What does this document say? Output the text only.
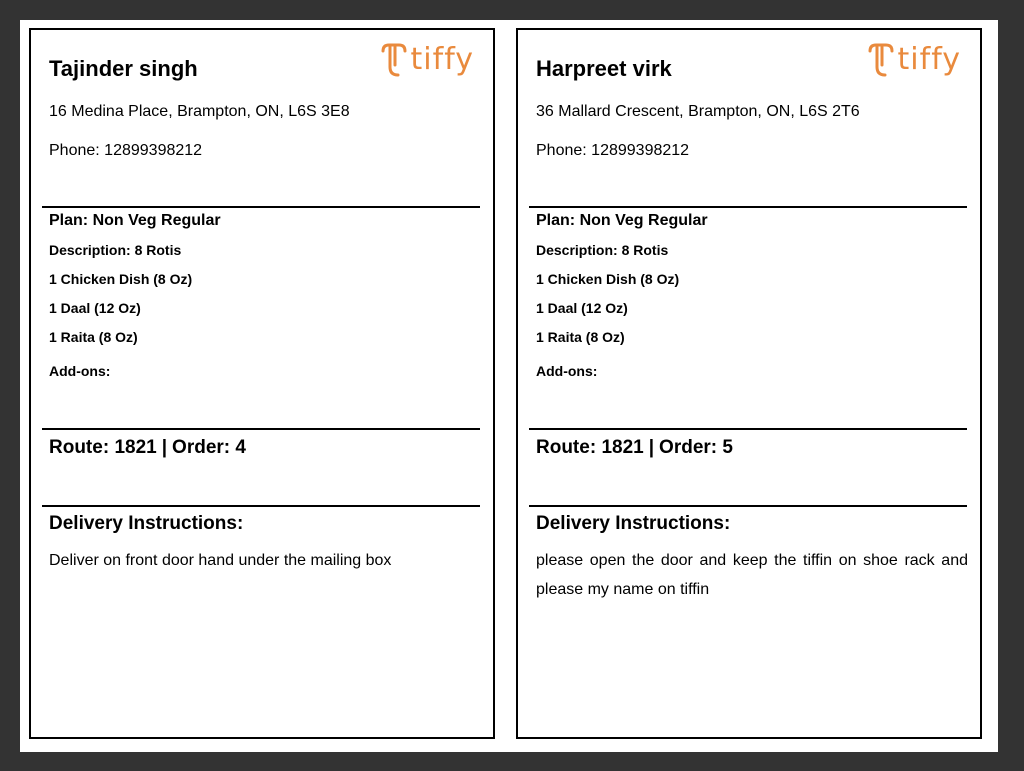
Tajinder singh	tiffy
16 Medina Place, Brampton, ON, L6S 3E8
Phone: 12899398212
Plan: Non Veg Regular
Description: 8 Rotis
1 Chicken Dish (8 Oz)
1 Daal (12 Oz)
1 Raita (8 Oz)
Add-ons:
Route: 1821 | Order: 4
Delivery Instructions:
Deliver on front door hand under the mailing box
Harpreet virk	tiffy
36 Mallard Crescent, Brampton, ON, L6S 2T6
Phone: 12899398212
Plan: Non Veg Regular
Description: 8 Rotis
1 Chicken Dish (8 Oz)
1 Daal (12 Oz)
1 Raita (8 Oz)
Add-ons:
Route: 1821 | Order: 5
Delivery Instructions:
please open the door and keep the tiffin on shoe rack and please my name on tiffin
